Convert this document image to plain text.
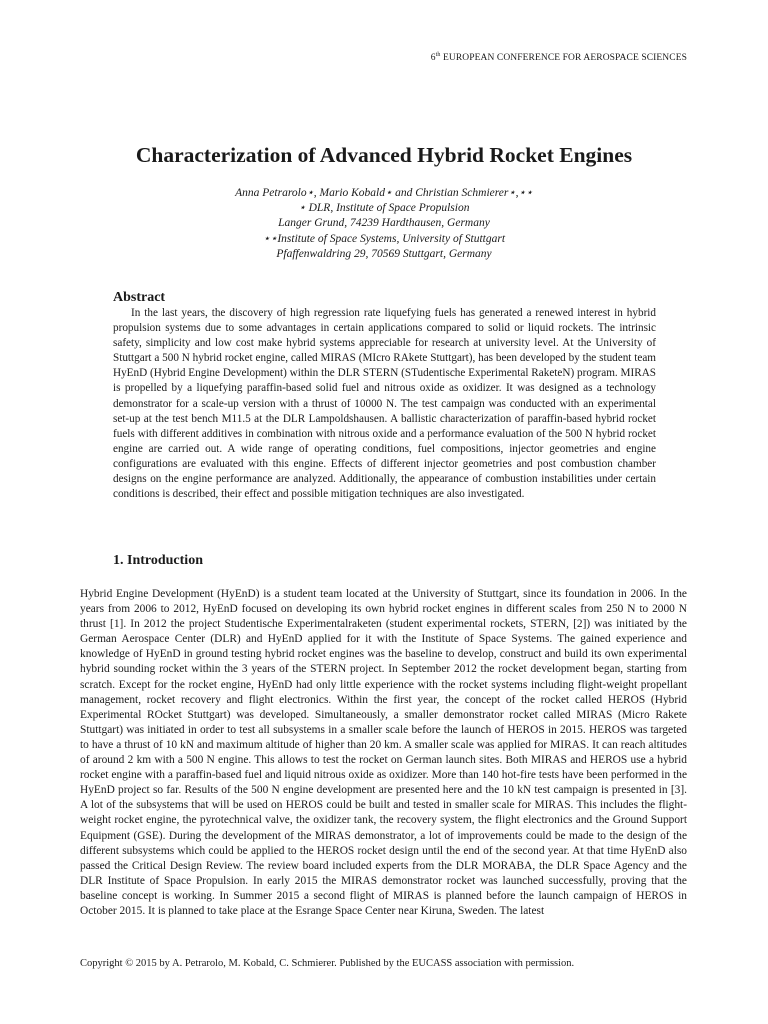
6th EUROPEAN CONFERENCE FOR AEROSPACE SCIENCES
Characterization of Advanced Hybrid Rocket Engines
Anna Petrarolo⋆, Mario Kobald⋆ and Christian Schmierer⋆,⋆⋆
⋆ DLR, Institute of Space Propulsion
Langer Grund, 74239 Hardthausen, Germany
⋆⋆Institute of Space Systems, University of Stuttgart
Pfaffenwaldring 29, 70569 Stuttgart, Germany
Abstract

In the last years, the discovery of high regression rate liquefying fuels has generated a renewed interest in hybrid propulsion systems due to some advantages in certain applications compared to solid or liquid rockets. The intrinsic safety, simplicity and low cost make hybrid systems appreciable for research at university level. At the University of Stuttgart a 500 N hybrid rocket engine, called MIRAS (MIcro RAkete Stuttgart), has been developed by the student team HyEnD (Hybrid Engine Development) within the DLR STERN (STudentische Experimental RaketeN) program. MIRAS is propelled by a liquefying paraffin-based solid fuel and nitrous oxide as oxidizer. It was designed as a technology demonstrator for a scale-up version with a thrust of 10000 N. The test campaign was conducted with an experimental set-up at the test bench M11.5 at the DLR Lampoldshausen. A ballistic characterization of paraffin-based hybrid rocket fuels with different additives in combination with nitrous oxide and a performance evaluation of the 500 N hybrid rocket engine are carried out. A wide range of operating conditions, fuel compositions, injector geometries and engine configurations are evaluated with this engine. Effects of different injector geometries and post combustion chamber designs on the engine performance are analyzed. Additionally, the appearance of combustion instabilities under certain conditions is described, their effect and possible mitigation techniques are also investigated.

1. Introduction

Hybrid Engine Development (HyEnD) is a student team located at the University of Stuttgart, since its foundation in 2006. In the years from 2006 to 2012, HyEnD focused on developing its own hybrid rocket engines in different scales from 250 N to 2000 N thrust [1]. In 2012 the project Studentische Experimentalraketen (student experimental rockets, STERN, [2]) was initiated by the German Aerospace Center (DLR) and HyEnD applied for it with the Institute of Space Systems. The gained experience and knowledge of HyEnD in ground testing hybrid rocket engines was the baseline to develop, construct and build its own experimental hybrid sounding rocket within the 3 years of the STERN project. In September 2012 the rocket development began, starting from scratch. Except for the rocket engine, HyEnD had only little experience with the rocket systems including flight-weight propellant management, rocket recovery and flight electronics. Within the first year, the concept of the rocket called HEROS (Hybrid Experimental ROcket Stuttgart) was developed. Simultaneously, a smaller demonstrator rocket called MIRAS (Micro Rakete Stuttgart) was initiated in order to test all subsystems in a smaller scale before the launch of HEROS in 2015. HEROS was targeted to have a thrust of 10 kN and maximum altitude of higher than 20 km. A smaller scale was applied for MIRAS. It can reach altitudes of around 2 km with a 500 N engine. This allows to test the rocket on German launch sites. Both MIRAS and HEROS use a hybrid rocket engine with a paraffin-based fuel and liquid nitrous oxide as oxidizer. More than 140 hot-fire tests have been performed in the HyEnD project so far. Results of the 500 N engine development are presented here and the 10 kN test campaign is presented in [3]. A lot of the subsystems that will be used on HEROS could be built and tested in smaller scale for MIRAS. This includes the flight-weight rocket engine, the pyrotechnical valve, the oxidizer tank, the recovery system, the flight electronics and the Ground Support Equipment (GSE). During the development of the MIRAS demonstrator, a lot of improvements could be made to the design of the different subsystems which could be applied to the HEROS rocket design until the end of the second year. At that time HyEnD also passed the Critical Design Review. The review board included experts from the DLR MORABA, the DLR Space Agency and the DLR Institute of Space Propulsion. In early 2015 the MIRAS demonstrator rocket was launched successfully, proving that the baseline concept is working. In Summer 2015 a second flight of MIRAS is planned before the launch campaign of HEROS in October 2015. It is planned to take place at the Esrange Space Center near Kiruna, Sweden. The latest

Copyright © 2015 by A. Petrarolo, M. Kobald, C. Schmierer. Published by the EUCASS association with permission.
